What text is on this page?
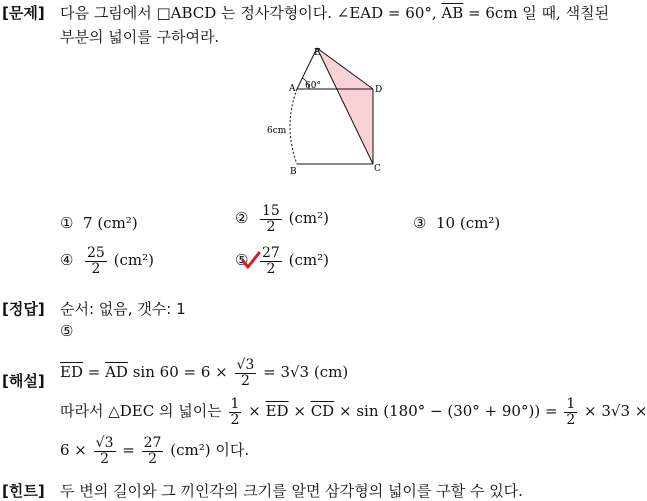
[문제] 다음 그림에서 □ABCD 는 정사각형이다. ∠EAD = 60°, $\overline{AB} = 6cm$ 일 때, 색칠된
부분의 넓이를 구하여라.
E
A	D
B	C
60°
6cm
① 7 (cm²)	② $\frac{15}{2} (cm^2)$	③ 10 (cm²)
④ $\frac{25}{2} (cm^2)$	⑤ $\frac{27}{2} (cm^2)$
[정답] 순서: 없음, 갯수: 1
⑤
[해설] $\overline{ED} = \overline{AD}$ $\sin 60 = 6 \times \frac{√3}{2} = 3√3$ (cm)
따라서 △DEC 의 넓이는 $\frac{1}{2} \times \overline{ED} \times \overline{CD} \times \sin (180^\circ - (30^\circ + 90^\circ)) = \frac{1}{2} \times 3√3$ ×
$6 \times \frac{√3}{2} = \frac{27}{2} (cm^2)$ 이다.
[힌트] 두 변의 길이와 그 끼인각의 크기를 알면 삼각형의 넓이를 구할 수 있다.
